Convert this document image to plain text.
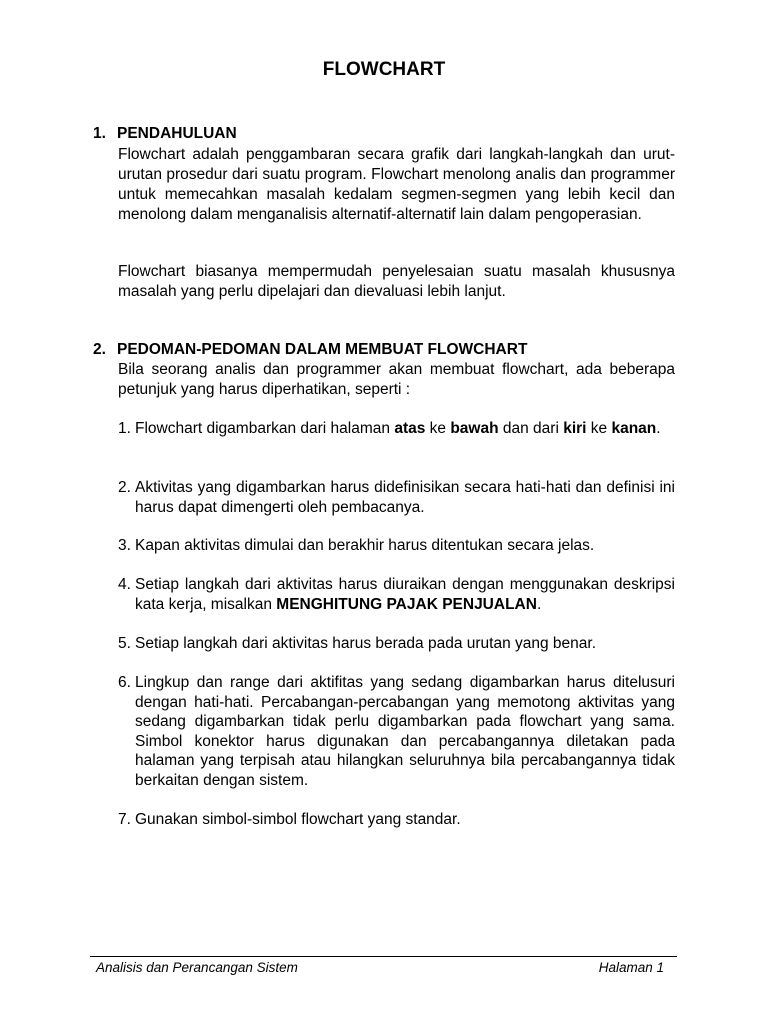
FLOWCHART
1. PENDAHULUAN
Flowchart adalah penggambaran secara grafik dari langkah-langkah dan urut-urutan prosedur dari suatu program. Flowchart menolong analis dan programmer untuk memecahkan masalah kedalam segmen-segmen yang lebih kecil dan menolong dalam menganalisis alternatif-alternatif lain dalam pengoperasian.
Flowchart biasanya mempermudah penyelesaian suatu masalah khususnya masalah yang perlu dipelajari dan dievaluasi lebih lanjut.
2. PEDOMAN-PEDOMAN DALAM MEMBUAT FLOWCHART
Bila seorang analis dan programmer akan membuat flowchart, ada beberapa petunjuk yang harus diperhatikan, seperti :
1. Flowchart digambarkan dari halaman atas ke bawah dan dari kiri ke kanan.
2. Aktivitas yang digambarkan harus didefinisikan secara hati-hati dan definisi ini harus dapat dimengerti oleh pembacanya.
3. Kapan aktivitas dimulai dan berakhir harus ditentukan secara jelas.
4. Setiap langkah dari aktivitas harus diuraikan dengan menggunakan deskripsi kata kerja, misalkan MENGHITUNG PAJAK PENJUALAN.
5. Setiap langkah dari aktivitas harus berada pada urutan yang benar.
6. Lingkup dan range dari aktifitas yang sedang digambarkan harus ditelusuri dengan hati-hati. Percabangan-percabangan yang memotong aktivitas yang sedang digambarkan tidak perlu digambarkan pada flowchart yang sama. Simbol konektor harus digunakan dan percabangannya diletakan pada halaman yang terpisah atau hilangkan seluruhnya bila percabangannya tidak berkaitan dengan sistem.
7. Gunakan simbol-simbol flowchart yang standar.
Analisis dan Perancangan Sistem	Halaman 1
